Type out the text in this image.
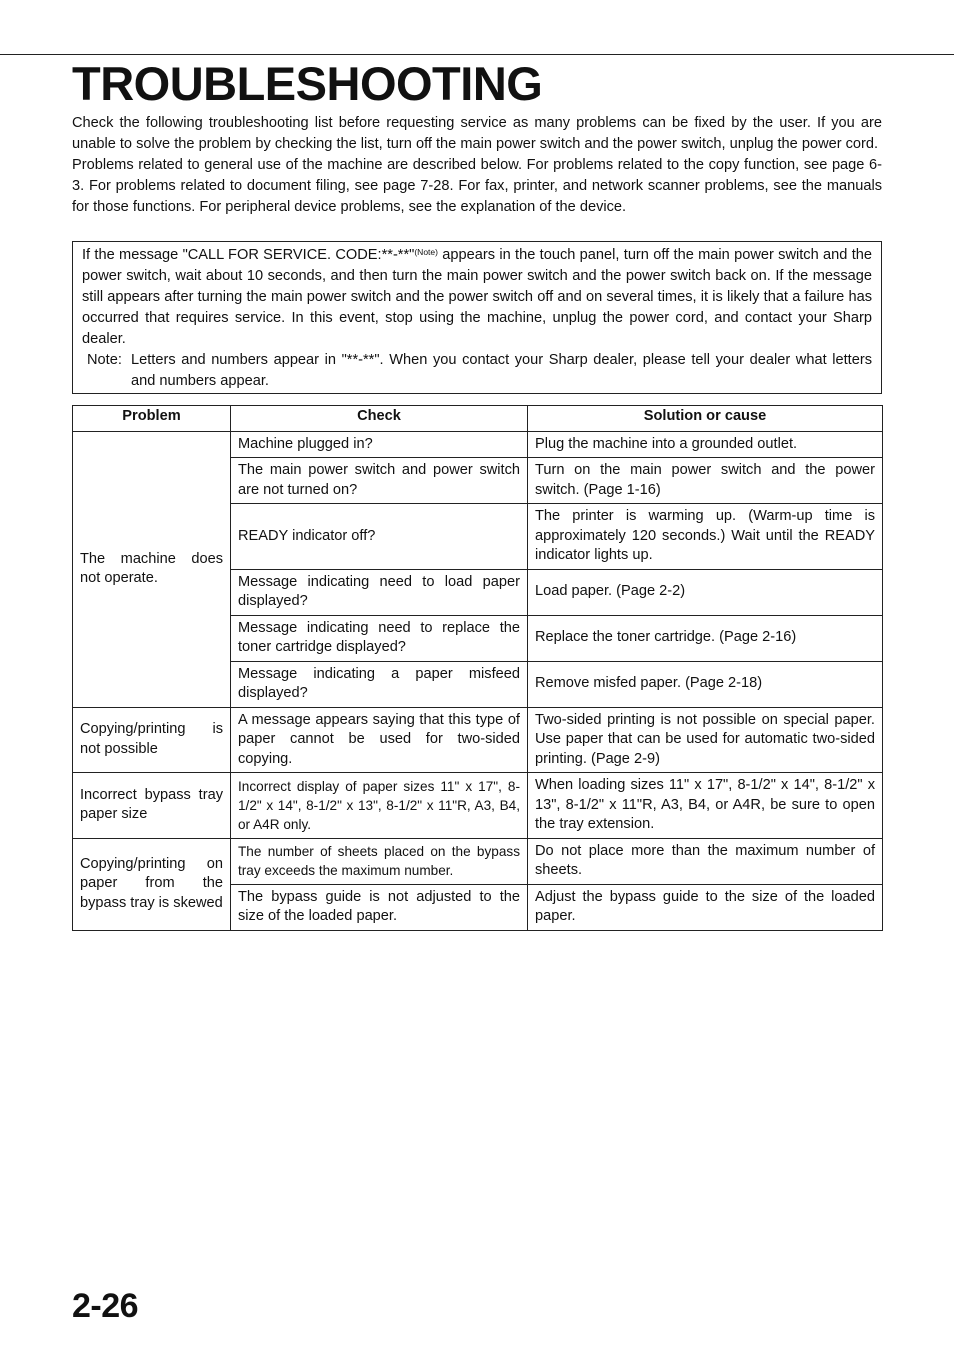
TROUBLESHOOTING

Check the following troubleshooting list before requesting service as many problems can be fixed by the user. If you are unable to solve the problem by checking the list, turn off the main power switch and the power switch, unplug the power cord.

Problems related to general use of the machine are described below. For problems related to the copy function, see page 6-3. For problems related to document filing, see page 7-28. For fax, printer, and network scanner problems, see the manuals for those functions. For peripheral device problems, see the explanation of the device.

If the message "CALL FOR SERVICE. CODE:**-**"$^{(Note)}$ appears in the touch panel, turn off the main power switch and the power switch, wait about 10 seconds, and then turn the main power switch and the power switch back on. If the message still appears after turning the main power switch and the power switch off and on several times, it is likely that a failure has occurred that requires service. In this event, stop using the machine, unplug the power cord, and contact your Sharp dealer.

Note: Letters and numbers appear in "**-**". When you contact your Sharp dealer, please tell your dealer what letters and numbers appear.
Problem	Check	Solution or cause
The machine does not operate.	Machine plugged in?	Plug the machine into a grounded outlet.
	The main power switch and power switch are not turned on?	Turn on the main power switch and the power switch. (Page 1-16)
	READY indicator off?	The printer is warming up. (Warm-up time is approximately 120 seconds.) Wait until the READY indicator lights up.
	Message indicating need to load paper displayed?	Load paper. (Page 2-2)
	Message indicating need to replace the toner cartridge displayed?	Replace the toner cartridge. (Page 2-16)
	Message indicating a paper misfeed displayed?	Remove misfed paper. (Page 2-18)
Copying/printing is not possible	A message appears saying that this type of paper cannot be used for two-sided copying.	Two-sided printing is not possible on special paper. Use paper that can be used for automatic two-sided printing. (Page 2-9)
Incorrect bypass tray paper size	Incorrect display of paper sizes 11" x 17", 8-1/2" x 14", 8-1/2" x 13", 8-1/2" x 11"R, A3, B4, or A4R only.	When loading sizes 11" x 17", 8-1/2" x 14", 8-1/2" x 13", 8-1/2" x 11"R, A3, B4, or A4R, be sure to open the tray extension.
Copying/printing on paper from the bypass tray is skewed	The number of sheets placed on the bypass tray exceeds the maximum number.	Do not place more than the maximum number of sheets.
	The bypass guide is not adjusted to the size of the loaded paper.	Adjust the bypass guide to the size of the loaded paper.
2-26
